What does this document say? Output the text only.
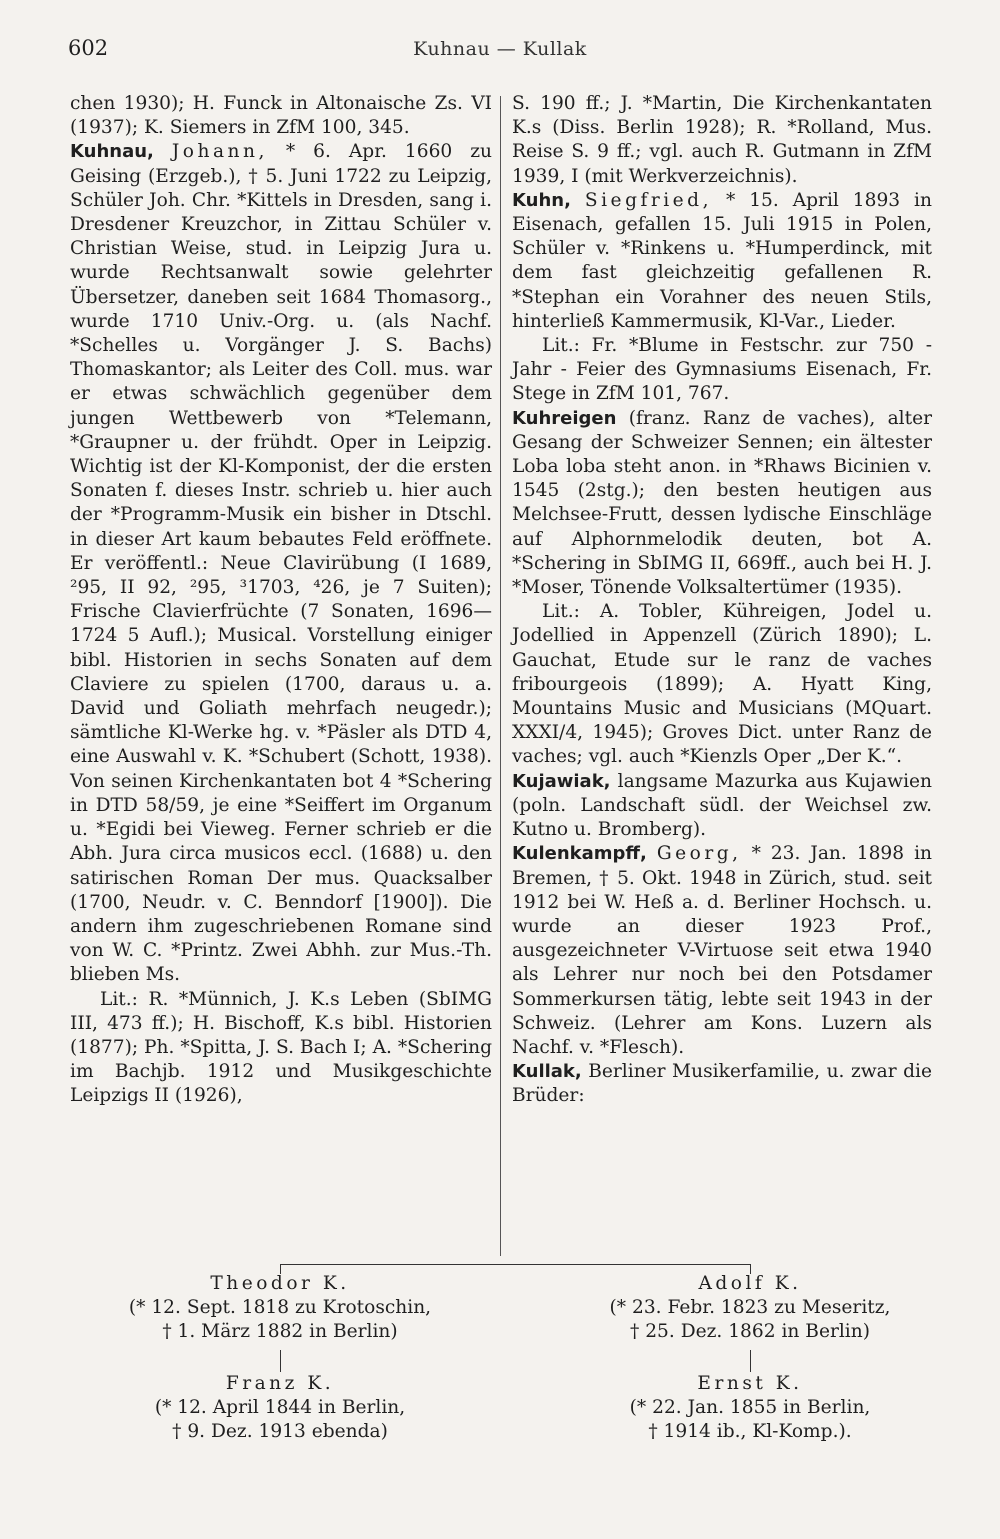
602	Kuhnau — Kullak

chen 1930); H. Funck in Altonaische Zs. VI (1937); K. Siemers in ZfM 100, 345.

Kuhnau, Johann, * 6. Apr. 1660 zu Geising (Erzgeb.), † 5. Juni 1722 zu Leipzig, Schüler Joh. Chr. *Kittels in Dresden, sang i. Dresdener Kreuzchor, in Zittau Schüler v. Christian Weise, stud. in Leipzig Jura u. wurde Rechtsanwalt sowie gelehrter Übersetzer, daneben seit 1684 Thomasorg., wurde 1710 Univ.-Org. u. (als Nachf. *Schelles u. Vorgänger J. S. Bachs) Thomaskantor; als Leiter des Coll. mus. war er etwas schwächlich gegenüber dem jungen Wettbewerb von *Telemann, *Graupner u. der frühdt. Oper in Leipzig. Wichtig ist der Kl-Komponist, der die ersten Sonaten f. dieses Instr. schrieb u. hier auch der *Programm-Musik ein bisher in Dtschl. in dieser Art kaum bebautes Feld eröffnete. Er veröffentl.: Neue Clavirübung (I 1689, ²95, II 92, ²95, ³1703, ⁴26, je 7 Suiten); Frische Clavierfrüchte (7 Sonaten, 1696—1724 5 Aufl.); Musical. Vorstellung einiger bibl. Historien in sechs Sonaten auf dem Claviere zu spielen (1700, daraus u. a. David und Goliath mehrfach neugedr.); sämtliche Kl-Werke hg. v. *Päsler als DTD 4, eine Auswahl v. K. *Schubert (Schott, 1938). Von seinen Kirchenkantaten bot 4 *Schering in DTD 58/59, je eine *Seiffert im Organum u. *Egidi bei Vieweg. Ferner schrieb er die Abh. Jura circa musicos eccl. (1688) u. den satirischen Roman Der mus. Quacksalber (1700, Neudr. v. C. Benndorf [1900]). Die andern ihm zugeschriebenen Romane sind von W. C. *Printz. Zwei Abhh. zur Mus.-Th. blieben Ms.

Lit.: R. *Münnich, J. K.s Leben (SbIMG III, 473 ff.); H. Bischoff, K.s bibl. Historien (1877); Ph. *Spitta, J. S. Bach I; A. *Schering im Bachjb. 1912 und Musikgeschichte Leipzigs II (1926),

S. 190 ff.; J. *Martin, Die Kirchenkantaten K.s (Diss. Berlin 1928); R. *Rolland, Mus. Reise S. 9 ff.; vgl. auch R. Gutmann in ZfM 1939, I (mit Werkverzeichnis).

Kuhn, Siegfried, * 15. April 1893 in Eisenach, gefallen 15. Juli 1915 in Polen, Schüler v. *Rinkens u. *Humperdinck, mit dem fast gleichzeitig gefallenen R. *Stephan ein Vorahner des neuen Stils, hinterließ Kammermusik, Kl-Var., Lieder.

Lit.: Fr. *Blume in Festschr. zur 750 - Jahr - Feier des Gymnasiums Eisenach, Fr. Stege in ZfM 101, 767.

Kuhreigen (franz. Ranz de vaches), alter Gesang der Schweizer Sennen; ein ältester Loba loba steht anon. in *Rhaws Bicinien v. 1545 (2stg.); den besten heutigen aus Melchsee-Frutt, dessen lydische Einschläge auf Alphornmelodik deuten, bot A. *Schering in SbIMG II, 669ff., auch bei H. J. *Moser, Tönende Volksaltertümer (1935).

Lit.: A. Tobler, Kühreigen, Jodel u. Jodellied in Appenzell (Zürich 1890); L. Gauchat, Etude sur le ranz de vaches fribourgeois (1899); A. Hyatt King, Mountains Music and Musicians (MQuart. XXXI/4, 1945); Groves Dict. unter Ranz de vaches; vgl. auch *Kienzls Oper „Der K.“.

Kujawiak, langsame Mazurka aus Kujawien (poln. Landschaft südl. der Weichsel zw. Kutno u. Bromberg).

Kulenkampff, Georg, * 23. Jan. 1898 in Bremen, † 5. Okt. 1948 in Zürich, stud. seit 1912 bei W. Heß a. d. Berliner Hochsch. u. wurde an dieser 1923 Prof., ausgezeichneter V-Virtuose seit etwa 1940 als Lehrer nur noch bei den Potsdamer Sommerkursen tätig, lebte seit 1943 in der Schweiz. (Lehrer am Kons. Luzern als Nachf. v. *Flesch).

Kullak, Berliner Musikerfamilie, u. zwar die Brüder:

Theodor K.
(* 12. Sept. 1818 zu Krotoschin,
† 1. März 1882 in Berlin)
Adolf K.
(* 23. Febr. 1823 zu Meseritz,
† 25. Dez. 1862 in Berlin)
Franz K.
(* 12. April 1844 in Berlin,
† 9. Dez. 1913 ebenda)
Ernst K.
(* 22. Jan. 1855 in Berlin,
† 1914 ib., Kl-Komp.).
